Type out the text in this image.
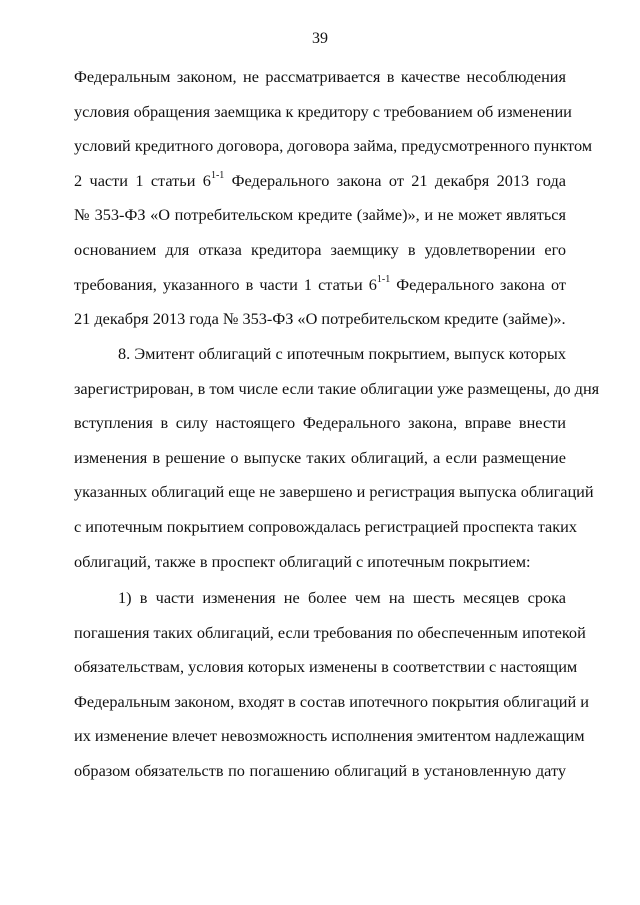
39
Федеральным законом, не рассматривается в качестве несоблюдения
условия обращения заемщика к кредитору с требованием об изменении
условий кредитного договора, договора займа, предусмотренного пунктом
2 части 1 статьи 6$^{1-1}$ Федерального закона от 21 декабря 2013 года
№ 353-ФЗ «О потребительском кредите (займе)», и не может являться
основанием для отказа кредитора заемщику в удовлетворении его
требования, указанного в части 1 статьи 6$^{1-1}$ Федерального закона от
21 декабря 2013 года № 353-ФЗ «О потребительском кредите (займе)».
8. Эмитент облигаций с ипотечным покрытием, выпуск которых
зарегистрирован, в том числе если такие облигации уже размещены, до дня
вступления в силу настоящего Федерального закона, вправе внести
изменения в решение о выпуске таких облигаций, а если размещение
указанных облигаций еще не завершено и регистрация выпуска облигаций
с ипотечным покрытием сопровождалась регистрацией проспекта таких
облигаций, также в проспект облигаций с ипотечным покрытием:
1) в части изменения не более чем на шесть месяцев срока
погашения таких облигаций, если требования по обеспеченным ипотекой
обязательствам, условия которых изменены в соответствии с настоящим
Федеральным законом, входят в состав ипотечного покрытия облигаций и
их изменение влечет невозможность исполнения эмитентом надлежащим
образом обязательств по погашению облигаций в установленную дату
